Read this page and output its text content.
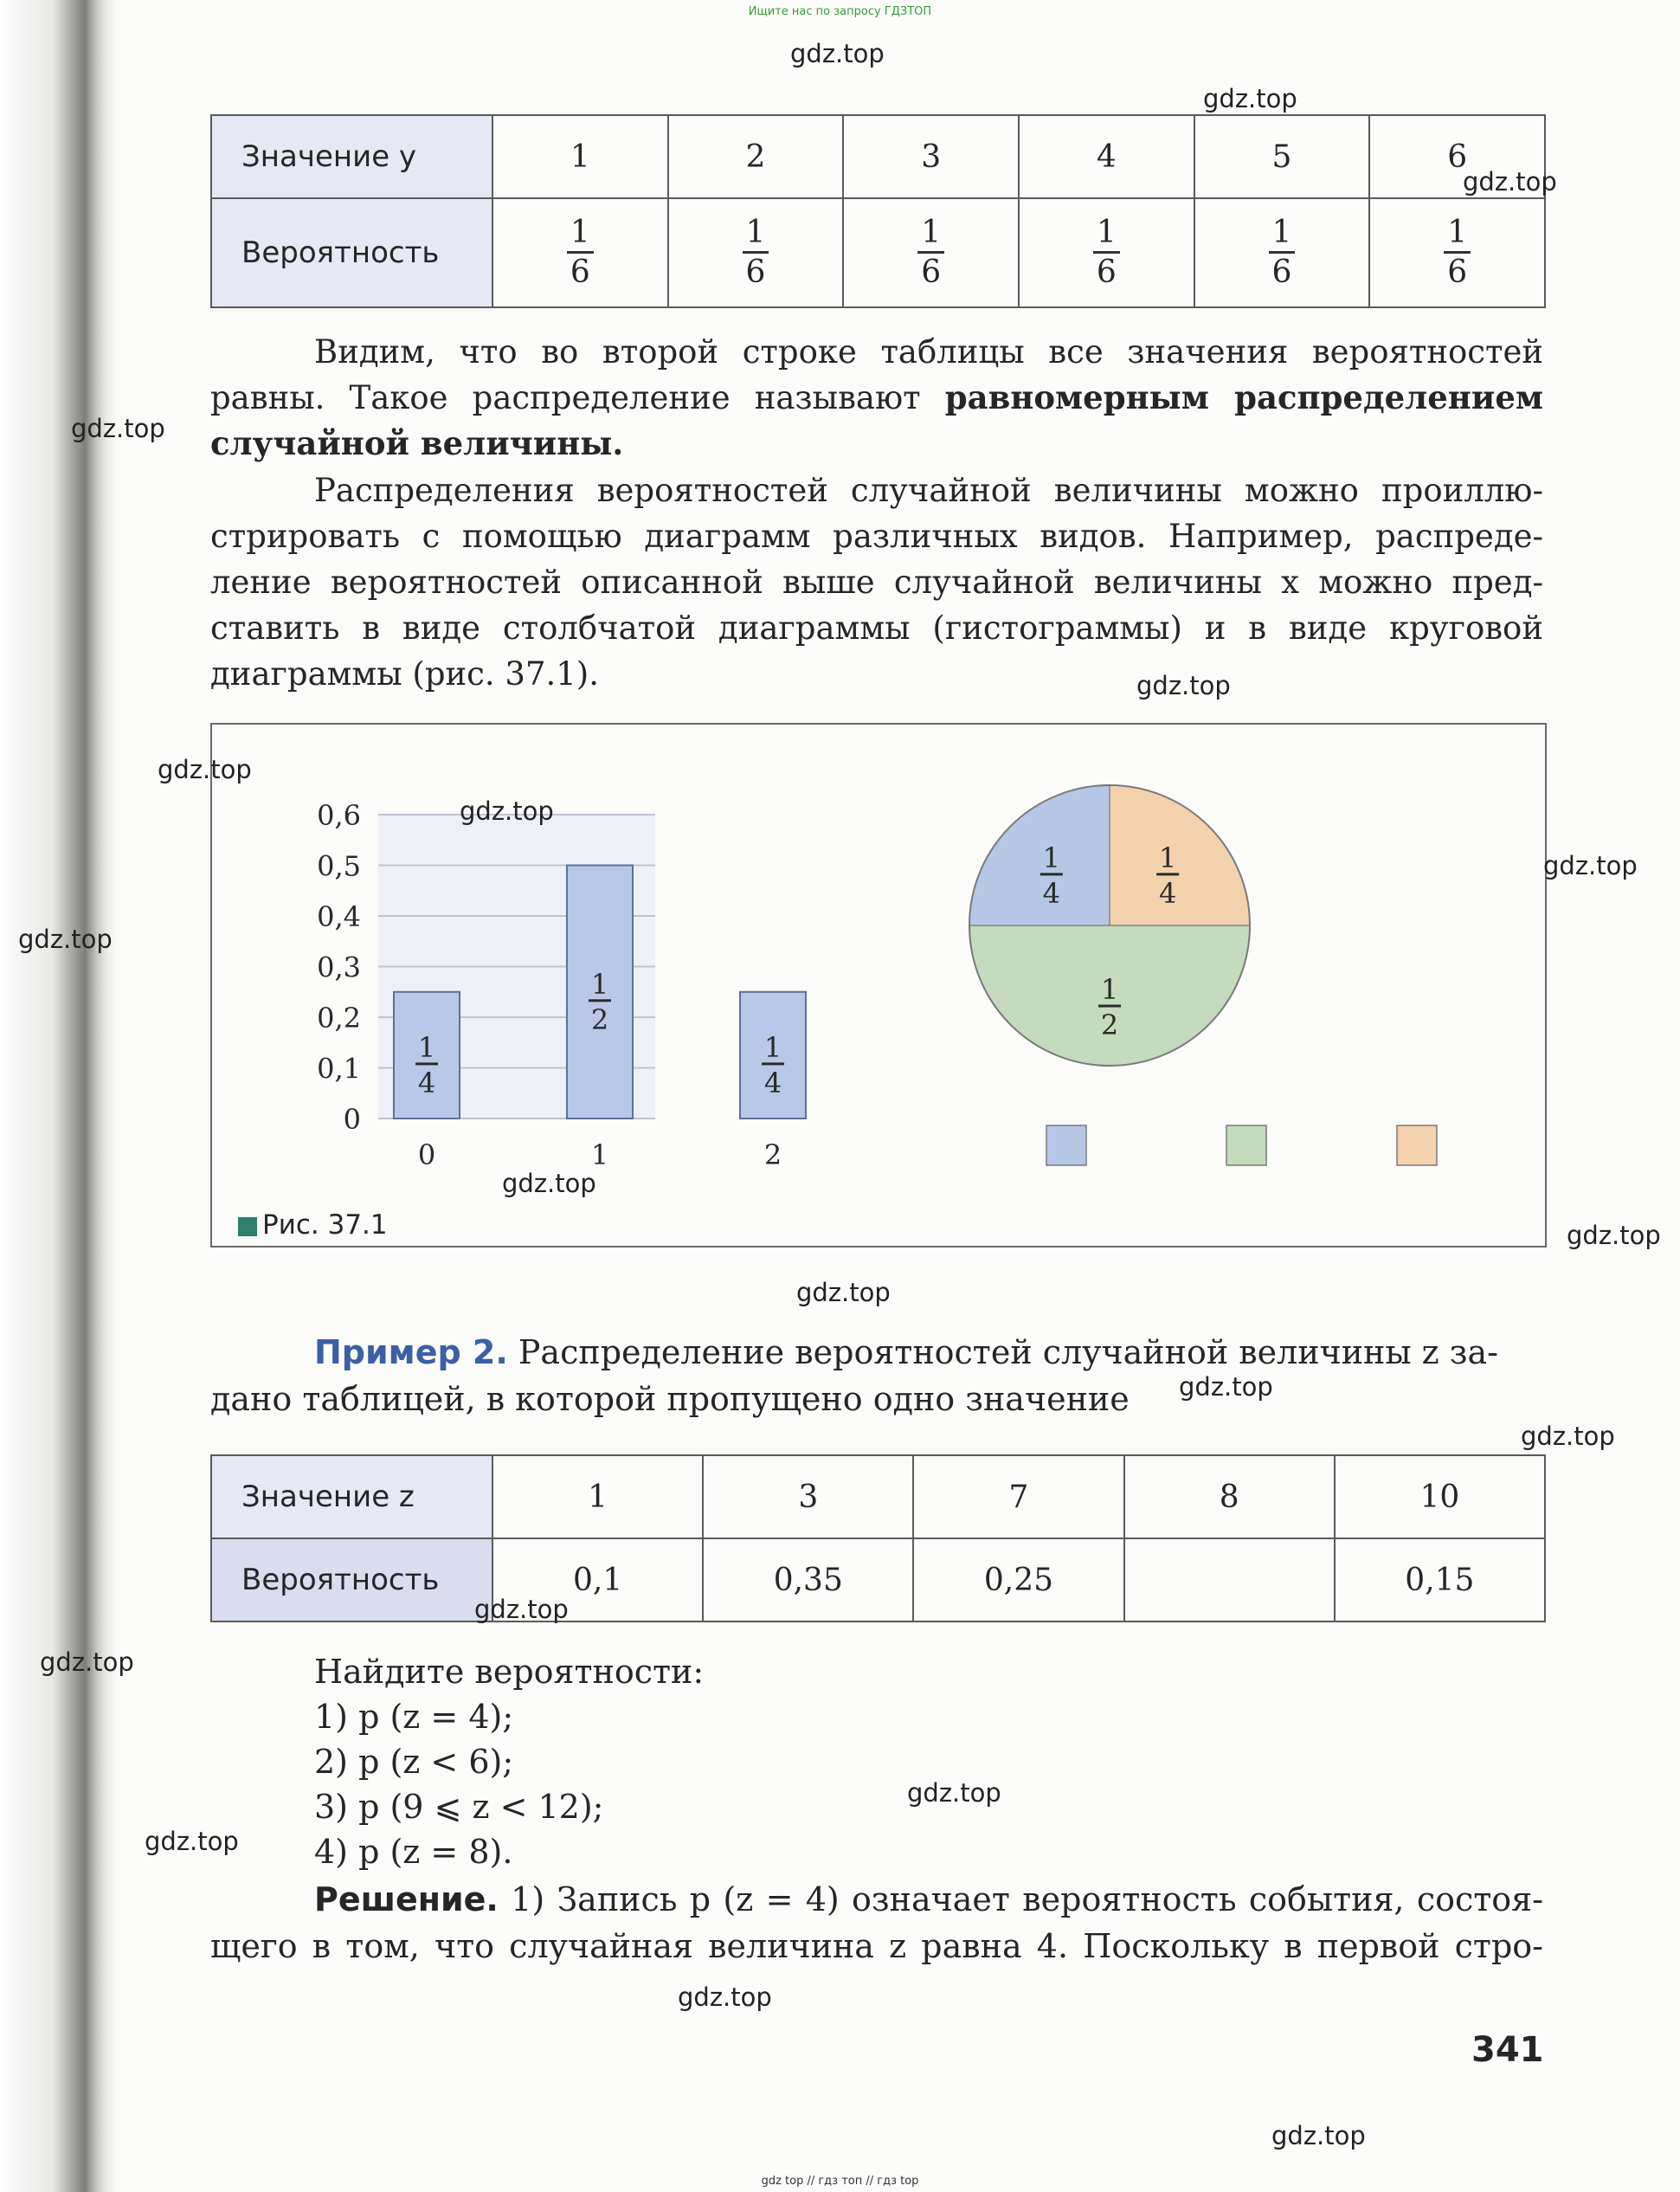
Ищите нас по запросу ГДЗТОП
Значение y	1	2	3	4	5	6
Вероятность	$\frac{1}{6}$	$\frac{1}{6}$	$\frac{1}{6}$	$\frac{1}{6}$	$\frac{1}{6}$	$\frac{1}{6}$
Видим, что во второй строке таблицы все значения вероятностей
равны. Такое распределение называют равномерным распределением
случайной величины.
Распределения вероятностей случайной величины можно проиллю-
стрировать с помощью диаграмм различных видов. Например, распреде-
ление вероятностей описанной выше случайной величины x можно пред-
ставить в виде столбчатой диаграммы (гистограммы) и в виде круговой
диаграммы (рис. 37.1).
0
0,1
0,2
0,3
0,4
0,5
0,6
1
4
0
1
2
1
1
4
2
1
4
1
2
1
4
Рис. 37.1
Пример 2. Распределение вероятностей случайной величины z за-
дано таблицей, в которой пропущено одно значение
Значение z	1	3	7	8	10
Вероятность	0,1	0,35	0,25		0,15
Найдите вероятности:
1) p (z = 4);
2) p (z < 6);
3) p (9 ⩽ z < 12);
4) p (z = 8).
Решение. 1) Запись p (z = 4) означает вероятность события, состоя-
щего в том, что случайная величина z равна 4. Поскольку в первой стро-
341
gdz.top
gdz.top
gdz.top
gdz.top
gdz.top
gdz.top
gdz.top
gdz.top
gdz.top
gdz.top
gdz.top
gdz.top
gdz.top
gdz.top
gdz.top
gdz.top
gdz.top
gdz.top
gdz.top
gdz.top
gdz top // гдз топ // гдз top
